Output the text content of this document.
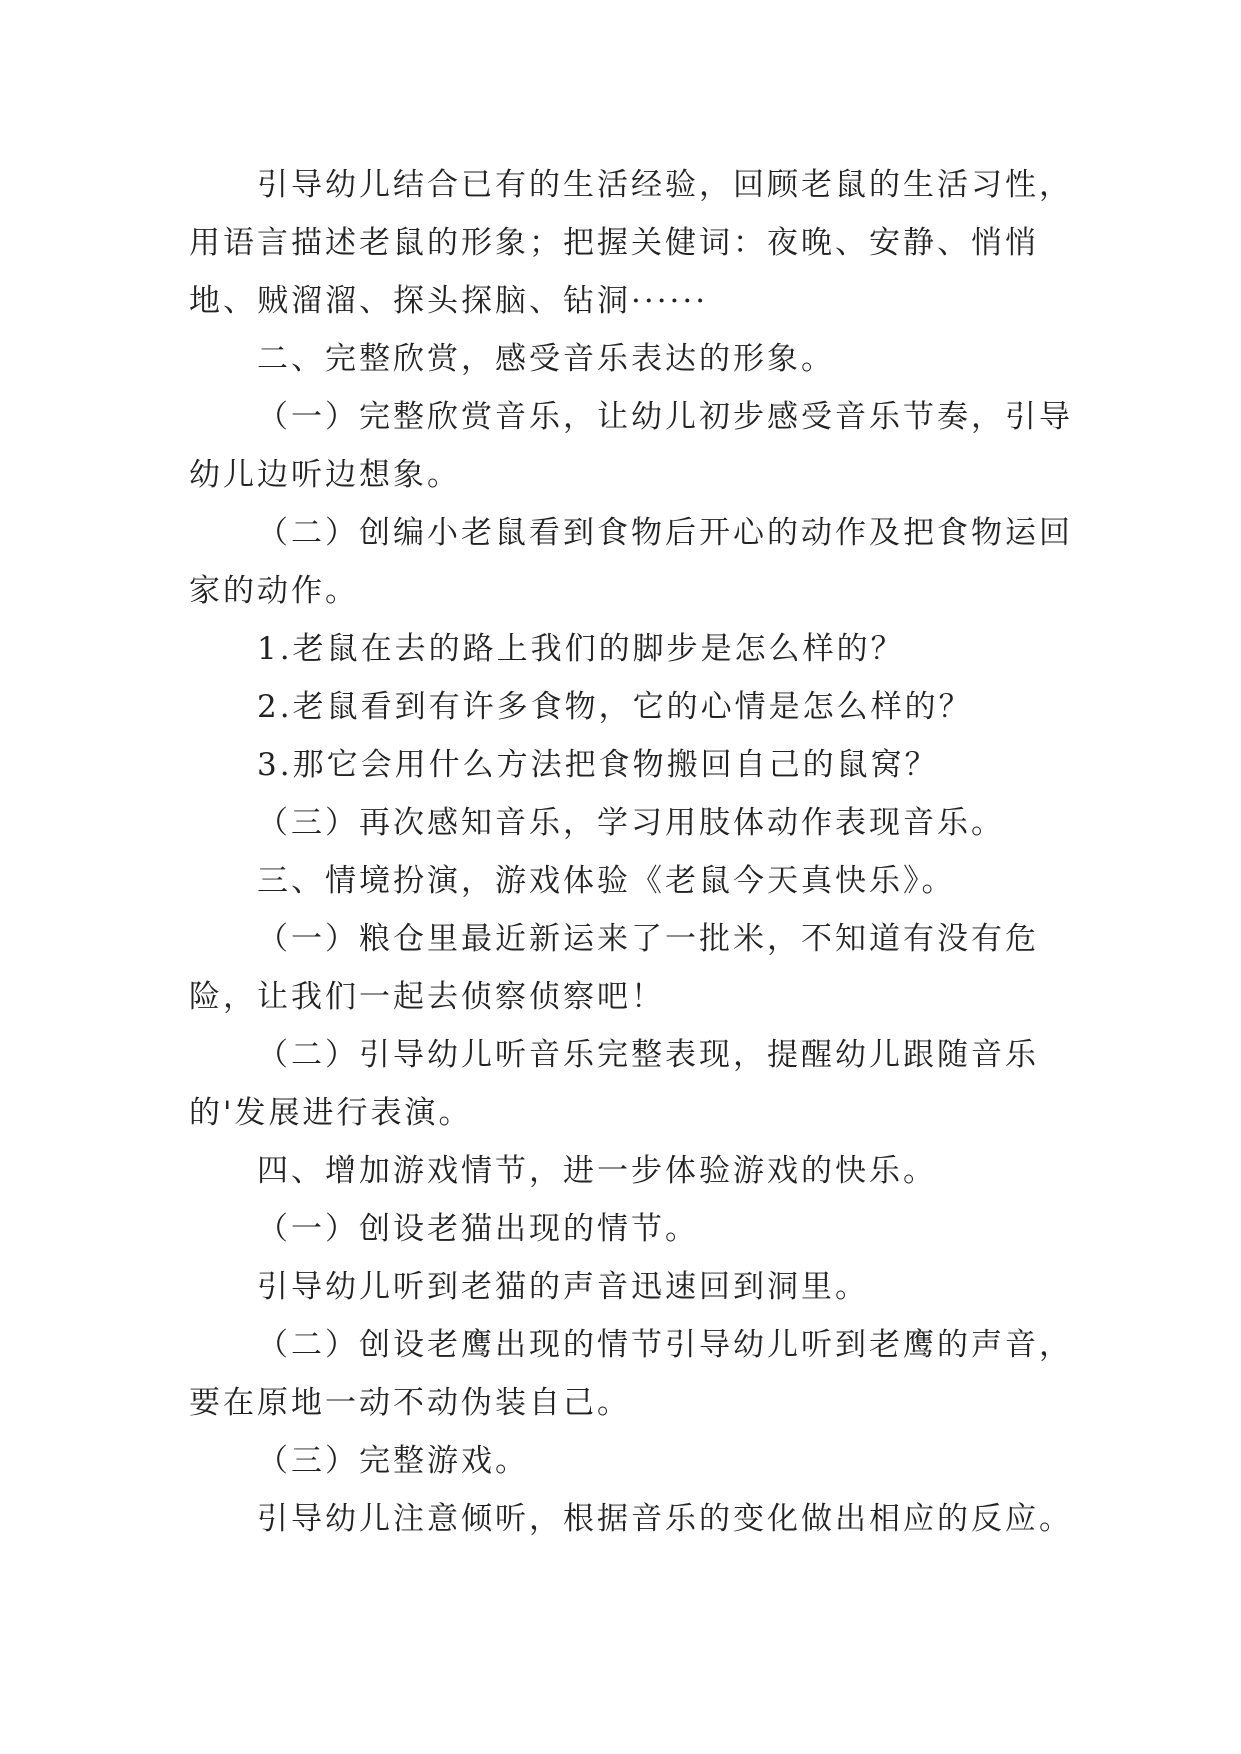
引导幼儿结合已有的生活经验，回顾老鼠的生活习性，用语言描述老鼠的形象；把握关健词：夜晚、安静、悄悄地、贼溜溜、探头探脑、钻洞······

二、完整欣赏，感受音乐表达的形象。

（一）完整欣赏音乐，让幼儿初步感受音乐节奏，引导幼儿边听边想象。

（二）创编小老鼠看到食物后开心的动作及把食物运回家的动作。

1.老鼠在去的路上我们的脚步是怎么样的？

2.老鼠看到有许多食物，它的心情是怎么样的？

3.那它会用什么方法把食物搬回自己的鼠窝？

（三）再次感知音乐，学习用肢体动作表现音乐。

三、情境扮演，游戏体验《老鼠今天真快乐》。

（一）粮仓里最近新运来了一批米，不知道有没有危险，让我们一起去侦察侦察吧！

（二）引导幼儿听音乐完整表现，提醒幼儿跟随音乐的'发展进行表演。

四、增加游戏情节，进一步体验游戏的快乐。

（一）创设老猫出现的情节。

引导幼儿听到老猫的声音迅速回到洞里。

（二）创设老鹰出现的情节引导幼儿听到老鹰的声音，要在原地一动不动伪装自己。

（三）完整游戏。

引导幼儿注意倾听，根据音乐的变化做出相应的反应。
